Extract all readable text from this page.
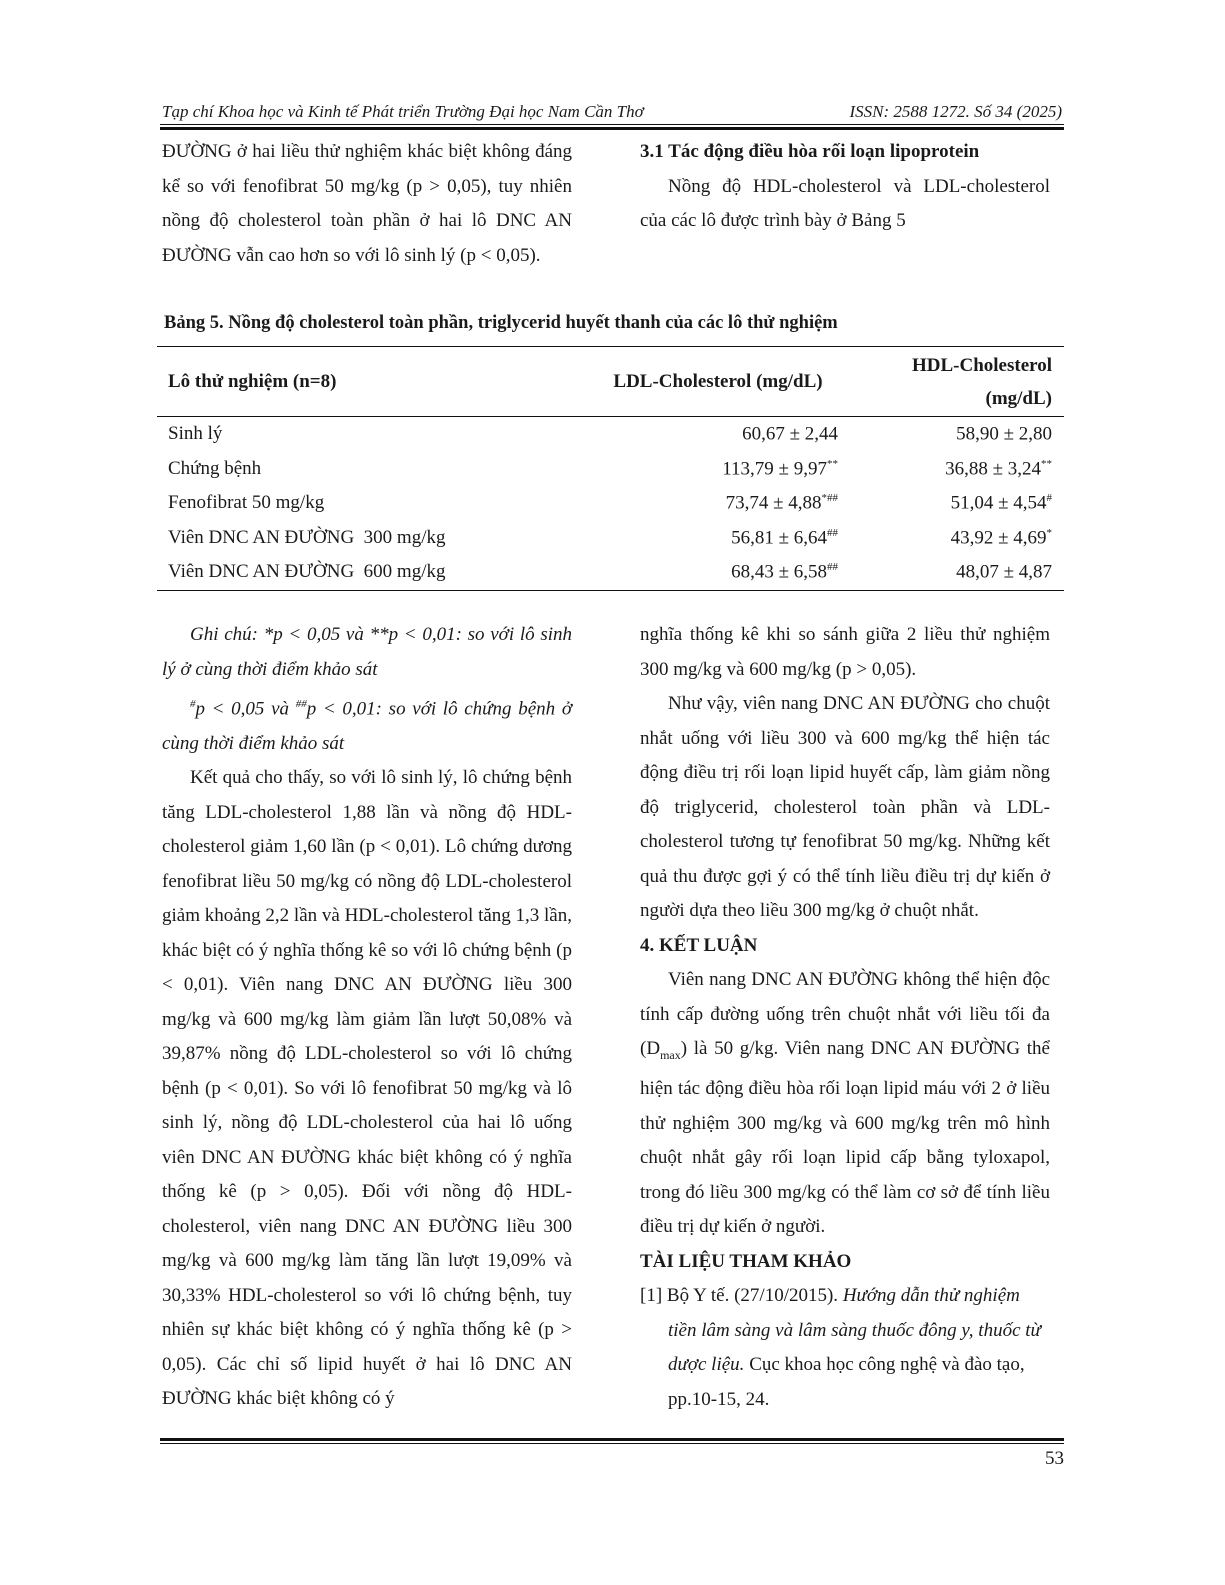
Tạp chí Khoa học và Kinh tế Phát triển Trường Đại học Nam Cần Thơ	ISSN: 2588 1272. Số 34 (2025)

ĐƯỜNG ở hai liều thử nghiệm khác biệt không đáng kể so với fenofibrat 50 mg/kg (p > 0,05), tuy nhiên nồng độ cholesterol toàn phần ở hai lô DNC AN ĐƯỜNG vẫn cao hơn so với lô sinh lý (p < 0,05).

3.1 Tác động điều hòa rối loạn lipoprotein

Nồng độ HDL-cholesterol và LDL-cholesterol của các lô được trình bày ở Bảng 5

Bảng 5. Nồng độ cholesterol toàn phần, triglycerid huyết thanh của các lô thử nghiệm
Lô thử nghiệm (n=8)	LDL-Cholesterol (mg/dL)	HDL-Cholesterol
(mg/dL)
Sinh lý	60,67 ± 2,44	58,90 ± 2,80
Chứng bệnh	113,79 ± 9,97**	36,88 ± 3,24**
Fenofibrat 50 mg/kg	73,74 ± 4,88*##	51,04 ± 4,54#
Viên DNC AN ĐƯỜNG  300 mg/kg	56,81 ± 6,64##	43,92 ± 4,69*
Viên DNC AN ĐƯỜNG  600 mg/kg	68,43 ± 6,58##	48,07 ± 4,87

Ghi chú: *p < 0,05 và **p < 0,01: so với lô sinh lý ở cùng thời điểm khảo sát

#p < 0,05 và ##p < 0,01: so với lô chứng bệnh ở cùng thời điểm khảo sát

Kết quả cho thấy, so với lô sinh lý, lô chứng bệnh tăng LDL-cholesterol 1,88 lần và nồng độ HDL-cholesterol giảm 1,60 lần (p < 0,01). Lô chứng dương fenofibrat liều 50 mg/kg có nồng độ LDL-cholesterol giảm khoảng 2,2 lần và HDL-cholesterol tăng 1,3 lần, khác biệt có ý nghĩa thống kê so với lô chứng bệnh (p < 0,01). Viên nang DNC AN ĐƯỜNG liều 300 mg/kg và 600 mg/kg làm giảm lần lượt 50,08% và 39,87% nồng độ LDL-cholesterol so với lô chứng bệnh (p < 0,01). So với lô fenofibrat 50 mg/kg và lô sinh lý, nồng độ LDL-cholesterol của hai lô uống viên DNC AN ĐƯỜNG khác biệt không có ý nghĩa thống kê (p > 0,05). Đối với nồng độ HDL-cholesterol, viên nang DNC AN ĐƯỜNG liều 300 mg/kg và 600 mg/kg làm tăng lần lượt 19,09% và 30,33% HDL-cholesterol so với lô chứng bệnh, tuy nhiên sự khác biệt không có ý nghĩa thống kê (p > 0,05). Các chỉ số lipid huyết ở hai lô DNC AN ĐƯỜNG khác biệt không có ý

nghĩa thống kê khi so sánh giữa 2 liều thử nghiệm 300 mg/kg và 600 mg/kg (p > 0,05).

Như vậy, viên nang DNC AN ĐƯỜNG cho chuột nhắt uống với liều 300 và 600 mg/kg thể hiện tác động điều trị rối loạn lipid huyết cấp, làm giảm nồng độ triglycerid, cholesterol toàn phần và LDL-cholesterol tương tự fenofibrat 50 mg/kg. Những kết quả thu được gợi ý có thể tính liều điều trị dự kiến ở người dựa theo liều 300 mg/kg ở chuột nhắt.

4. KẾT LUẬN

Viên nang DNC AN ĐƯỜNG không thể hiện độc tính cấp đường uống trên chuột nhắt với liều tối đa $(D_{max})$ là 50 g/kg. Viên nang DNC AN ĐƯỜNG thể hiện tác động điều hòa rối loạn lipid máu với 2 ở liều thử nghiệm 300 mg/kg và 600 mg/kg trên mô hình chuột nhắt gây rối loạn lipid cấp bằng tyloxapol, trong đó liều 300 mg/kg có thể làm cơ sở để tính liều điều trị dự kiến ở người.

TÀI LIỆU THAM KHẢO

[1] Bộ Y tế. (27/10/2015). Hướng dẫn thử nghiệm tiền lâm sàng và lâm sàng thuốc đông y, thuốc từ dược liệu. Cục khoa học công nghệ và đào tạo, pp.10-15, 24.

53
